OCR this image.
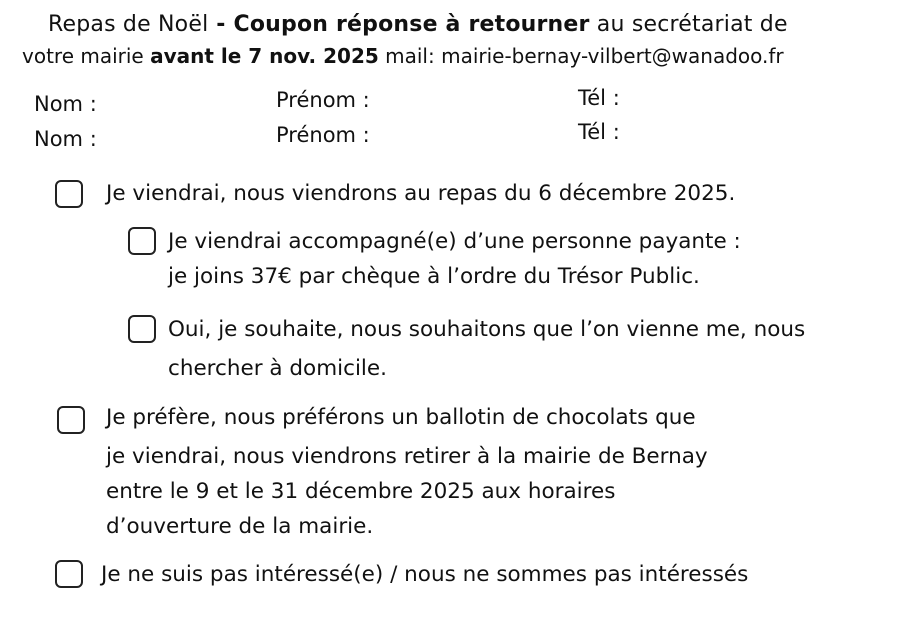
Repas de Noël - Coupon réponse à retourner au secrétariat de
votre mairie avant le 7 nov. 2025 mail: mairie-bernay-vilbert@wanadoo.fr
Nom :	Prénom :	Tél :
Nom :	Prénom :	Tél :
Je viendrai, nous viendrons au repas du 6 décembre 2025.
Je viendrai accompagné(e) d’une personne payante :
je joins 37€ par chèque à l’ordre du Trésor Public.
Oui, je souhaite, nous souhaitons que l’on vienne me, nous
chercher à domicile.
Je préfère, nous préférons un ballotin de chocolats que
je viendrai, nous viendrons retirer à la mairie de Bernay
entre le 9 et le 31 décembre 2025 aux horaires
d’ouverture de la mairie.
Je ne suis pas intéressé(e) / nous ne sommes pas intéressés
